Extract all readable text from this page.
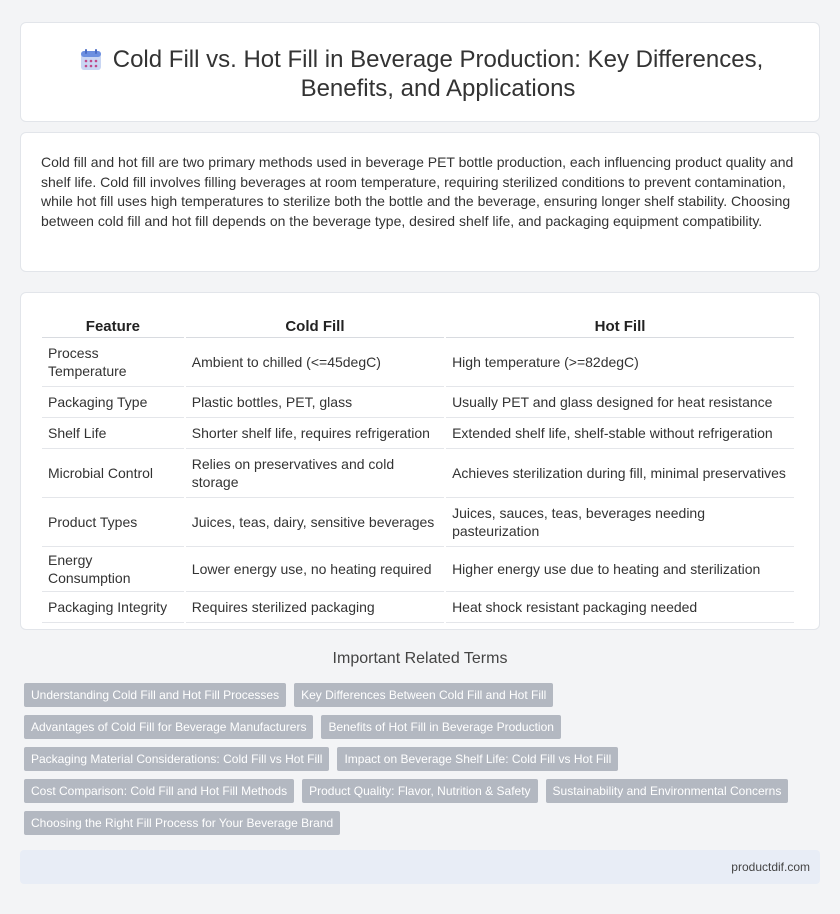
Cold Fill vs. Hot Fill in Beverage Production: Key Differences, Benefits, and Applications

Cold fill and hot fill are two primary methods used in beverage PET bottle production, each influencing product quality and shelf life. Cold fill involves filling beverages at room temperature, requiring sterilized conditions to prevent contamination, while hot fill uses high temperatures to sterilize both the bottle and the beverage, ensuring longer shelf stability. Choosing between cold fill and hot fill depends on the beverage type, desired shelf life, and packaging equipment compatibility.

Feature	Cold Fill	Hot Fill
Process Temperature	Ambient to chilled (<=45degC)	High temperature (>=82degC)
Packaging Type	Plastic bottles, PET, glass	Usually PET and glass designed for heat resistance
Shelf Life	Shorter shelf life, requires refrigeration	Extended shelf life, shelf-stable without refrigeration
Microbial Control	Relies on preservatives and cold storage	Achieves sterilization during fill, minimal preservatives
Product Types	Juices, teas, dairy, sensitive beverages	Juices, sauces, teas, beverages needing pasteurization
Energy Consumption	Lower energy use, no heating required	Higher energy use due to heating and sterilization
Packaging Integrity	Requires sterilized packaging	Heat shock resistant packaging needed
Important Related Terms
Understanding Cold Fill and Hot Fill Processes	Key Differences Between Cold Fill and Hot Fill
Advantages of Cold Fill for Beverage Manufacturers	Benefits of Hot Fill in Beverage Production
Packaging Material Considerations: Cold Fill vs Hot Fill	Impact on Beverage Shelf Life: Cold Fill vs Hot Fill
Cost Comparison: Cold Fill and Hot Fill Methods	Product Quality: Flavor, Nutrition & Safety	Sustainability and Environmental Concerns
Choosing the Right Fill Process for Your Beverage Brand
productdif.com
